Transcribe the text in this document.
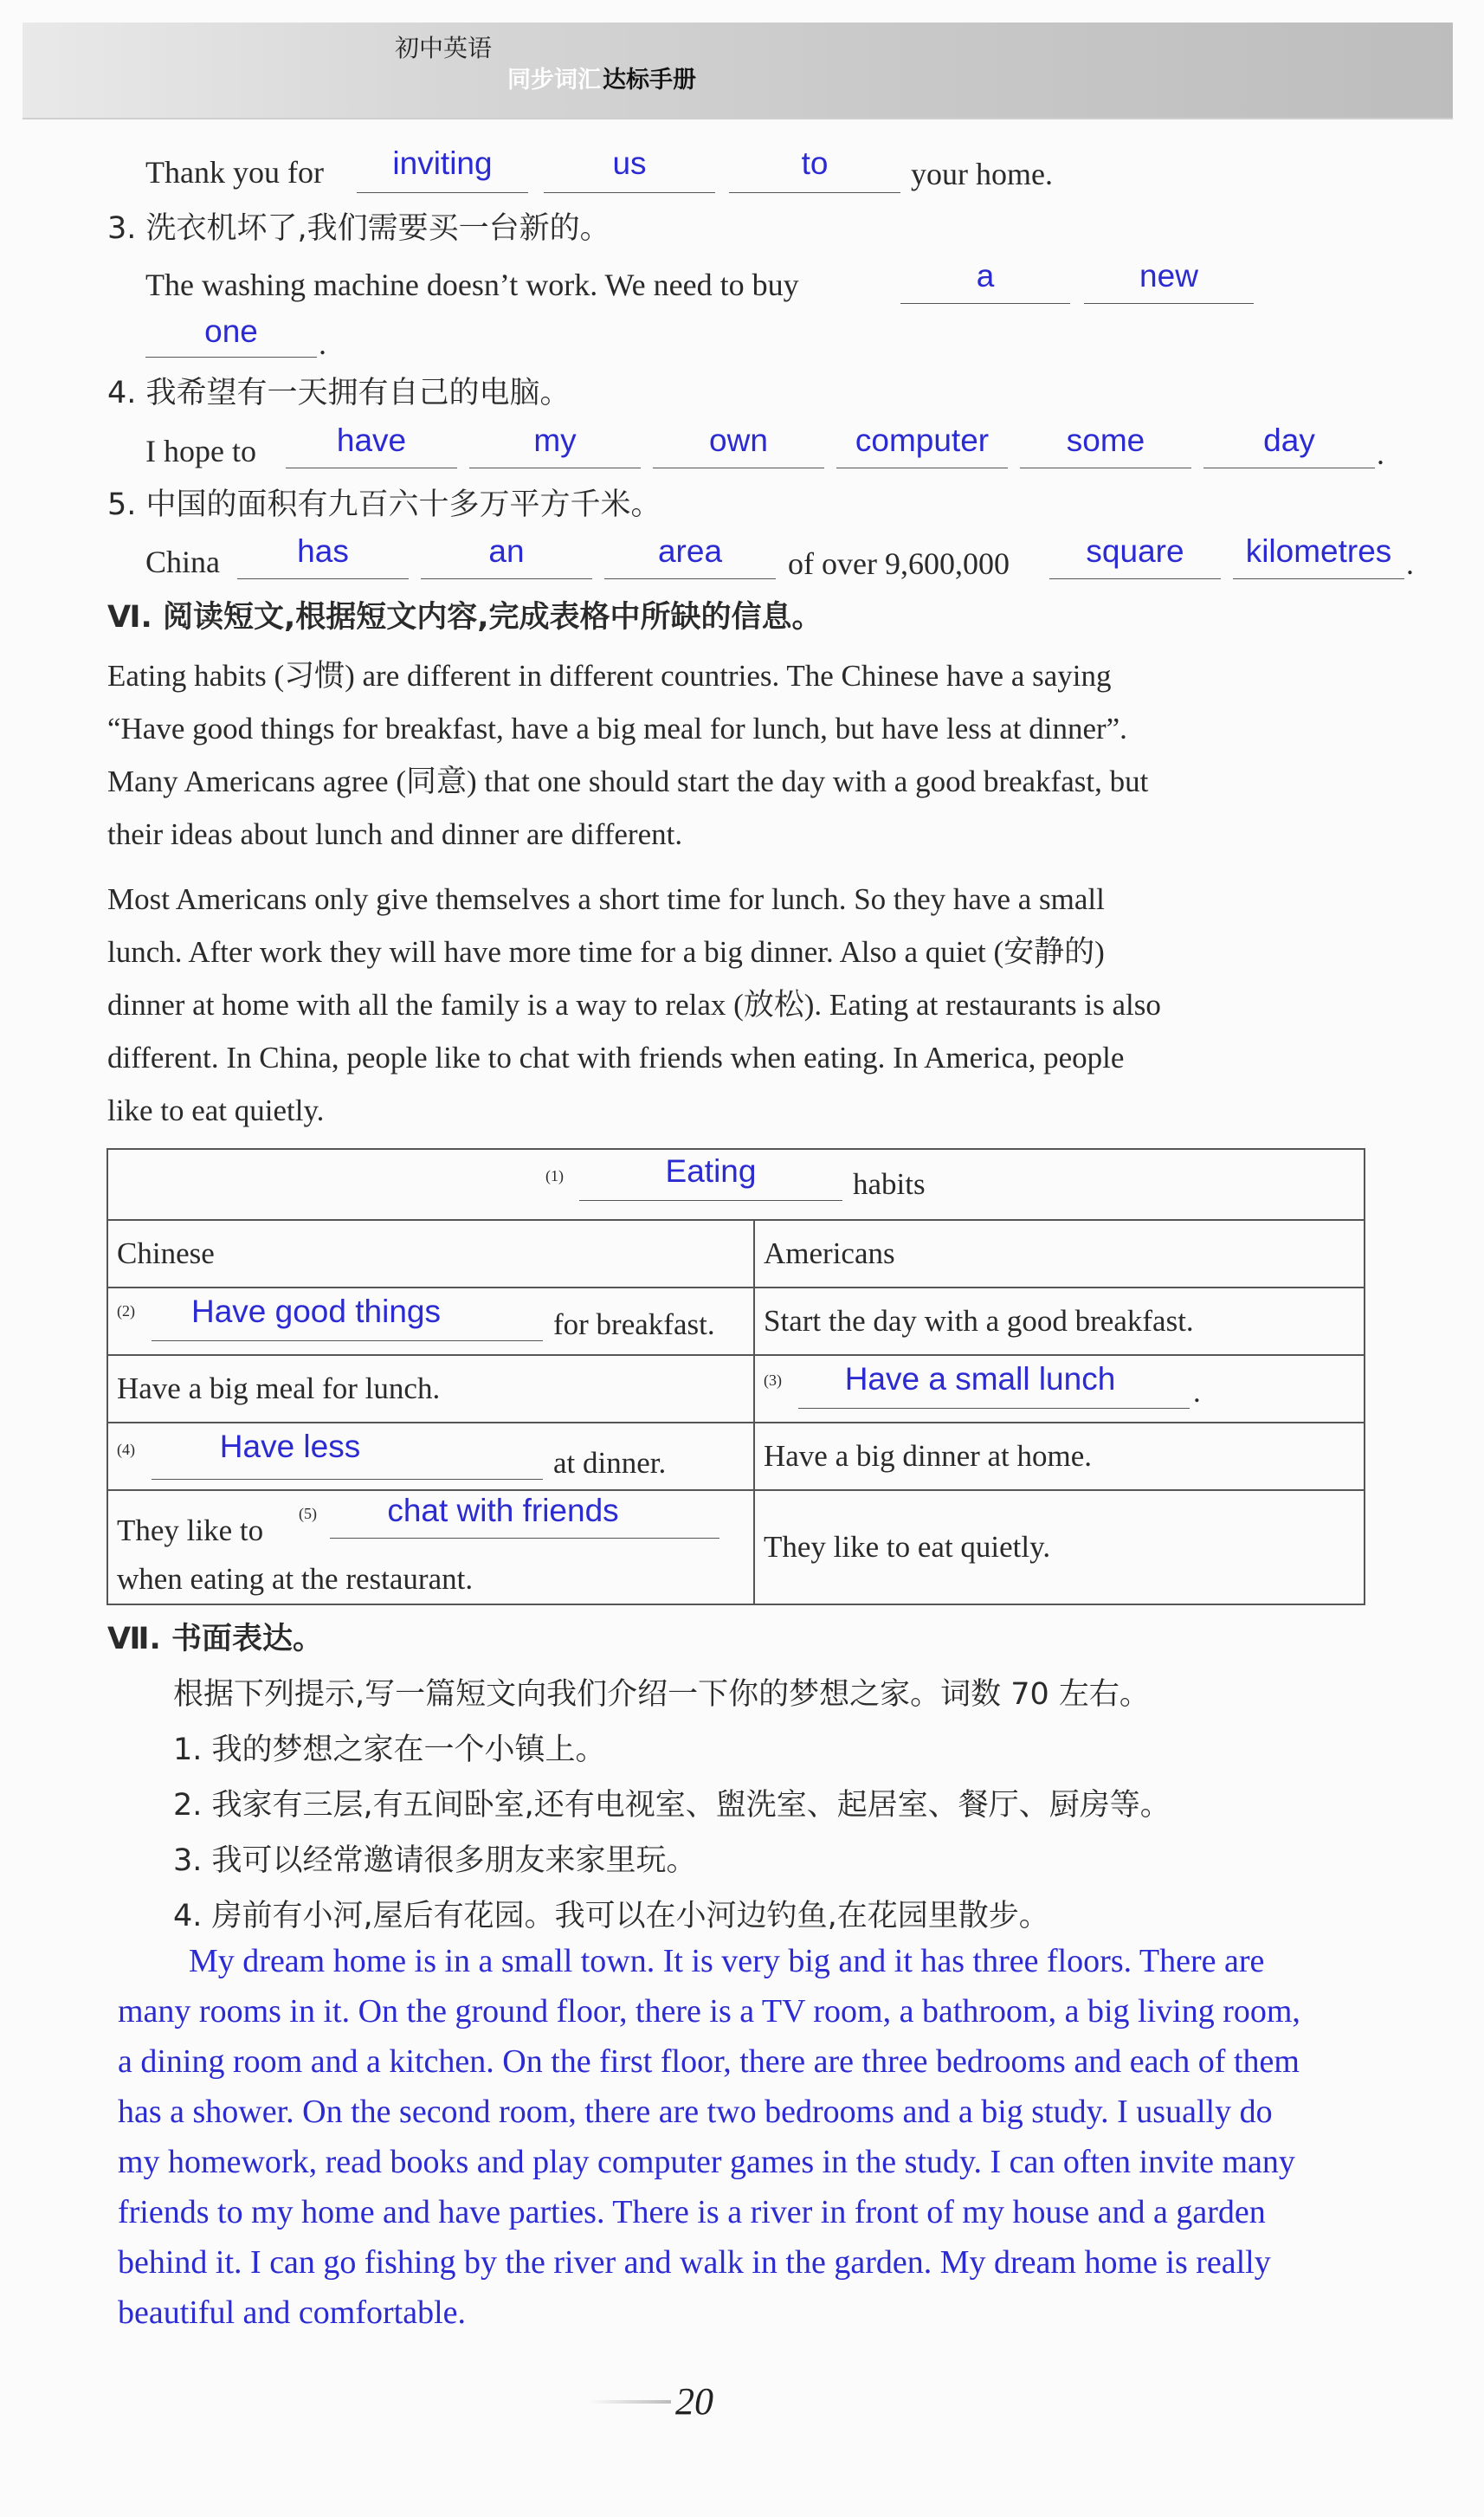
初中英语
同步词汇 达标手册
Thank you for	inviting	us	to	your home.
3. 洗衣机坏了,我们需要买一台新的。
The washing machine doesn’t work. We need to buy	a	new
one	.
4. 我希望有一天拥有自己的电脑。
I hope to	have	my	own	computer	some	day	.
5. 中国的面积有九百六十多万平方千米。
China	has	an	area	of over 9,600,000	square	kilometres .
Ⅵ. 阅读短文,根据短文内容,完成表格中所缺的信息。
Eating habits (习惯) are different in different countries. The Chinese have a saying
“Have good things for breakfast, have a big meal for lunch, but have less at dinner”.
Many Americans agree (同意) that one should start the day with a good breakfast, but
their ideas about lunch and dinner are different.
Most Americans only give themselves a short time for lunch. So they have a small
lunch. After work they will have more time for a big dinner. Also a quiet (安静的)
dinner at home with all the family is a way to relax (放松). Eating at restaurants is also
different. In China, people like to chat with friends when eating. In America, people
like to eat quietly.
(1) Eating habits	

Chinese	Americans

(2) Have good things for breakfast.	Start the day with a good breakfast.
Have a big meal for lunch.	(3) Have a small lunch .

(4) Have less at dinner.	Have a big dinner at home.

They like to (5) chat with friends
when eating at the restaurant.	They like to eat quietly.
Ⅶ. 书面表达。
根据下列提示,写一篇短文向我们介绍一下你的梦想之家。词数 70 左右。
1. 我的梦想之家在一个小镇上。
2. 我家有三层,有五间卧室,还有电视室、盥洗室、起居室、餐厅、厨房等。
3. 我可以经常邀请很多朋友来家里玩。
4. 房前有小河,屋后有花园。我可以在小河边钓鱼,在花园里散步。
My dream home is in a small town. It is very big and it has three floors. There are
many rooms in it. On the ground floor, there is a TV room, a bathroom, a big living room,
a dining room and a kitchen. On the first floor, there are three bedrooms and each of them
has a shower. On the second room, there are two bedrooms and a big study. I usually do
my homework, read books and play computer games in the study. I can often invite many
friends to my home and have parties. There is a river in front of my house and a garden
behind it. I can go fishing by the river and walk in the garden. My dream home is really
beautiful and comfortable.
20
